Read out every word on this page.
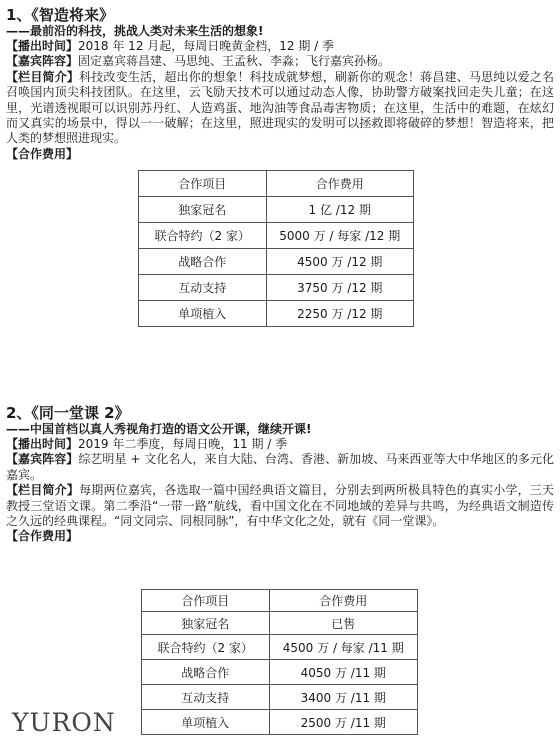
1、《智造将来》

——最前沿的科技，挑战人类对未来生活的想象!

【播出时间】2018 年 12 月起，每周日晚黄金档，12 期 / 季

【嘉宾阵容】固定嘉宾蒋昌建、马思纯、王孟秋、李淼；飞行嘉宾孙杨。

【栏目简介】科技改变生活，超出你的想象！科技成就梦想，刷新你的观念！蒋昌建、马思纯以爱之名召唤国内顶尖科技团队。在这里，云飞励天技术可以通过动态人像，协助警方破案找回走失儿童；在这里，光谱透视眼可以识别苏丹红、人造鸡蛋、地沟油等食品毒害物质；在这里，生活中的难题，在炫幻而又真实的场景中，得以一一破解；在这里，照进现实的发明可以拯救即将破碎的梦想！智造将来，把人类的梦想照进现实。

【合作费用】

合作项目	合作费用
独家冠名	1 亿 /12 期
联合特约（2 家）	5000 万 / 每家 /12 期
战略合作	4500 万 /12 期
互动支持	3750 万 /12 期
单项植入	2250 万 /12 期

2、《同一堂课 2》

——中国首档以真人秀视角打造的语文公开课，继续开课!

【播出时间】2019 年二季度，每周日晚，11 期 / 季

【嘉宾阵容】综艺明星 + 文化名人，来自大陆、台湾、香港、新加坡、马来西亚等大中华地区的多元化嘉宾。

【栏目简介】每期两位嘉宾，各选取一篇中国经典语文篇目，分别去到两所极具特色的真实小学，三天教授三堂语文课。第二季沿“一带一路”航线，看中国文化在不同地域的差异与共鸣，为经典语文制造传之久远的经典课程。“同文同宗、同根同脉”，有中华文化之处，就有《同一堂课》。

【合作费用】

合作项目	合作费用
独家冠名	已售
联合特约（2 家）	4500 万 / 每家 /11 期
战略合作	4050 万 /11 期
互动支持	3400 万 /11 期
单项植入	2500 万 /11 期
YURON
